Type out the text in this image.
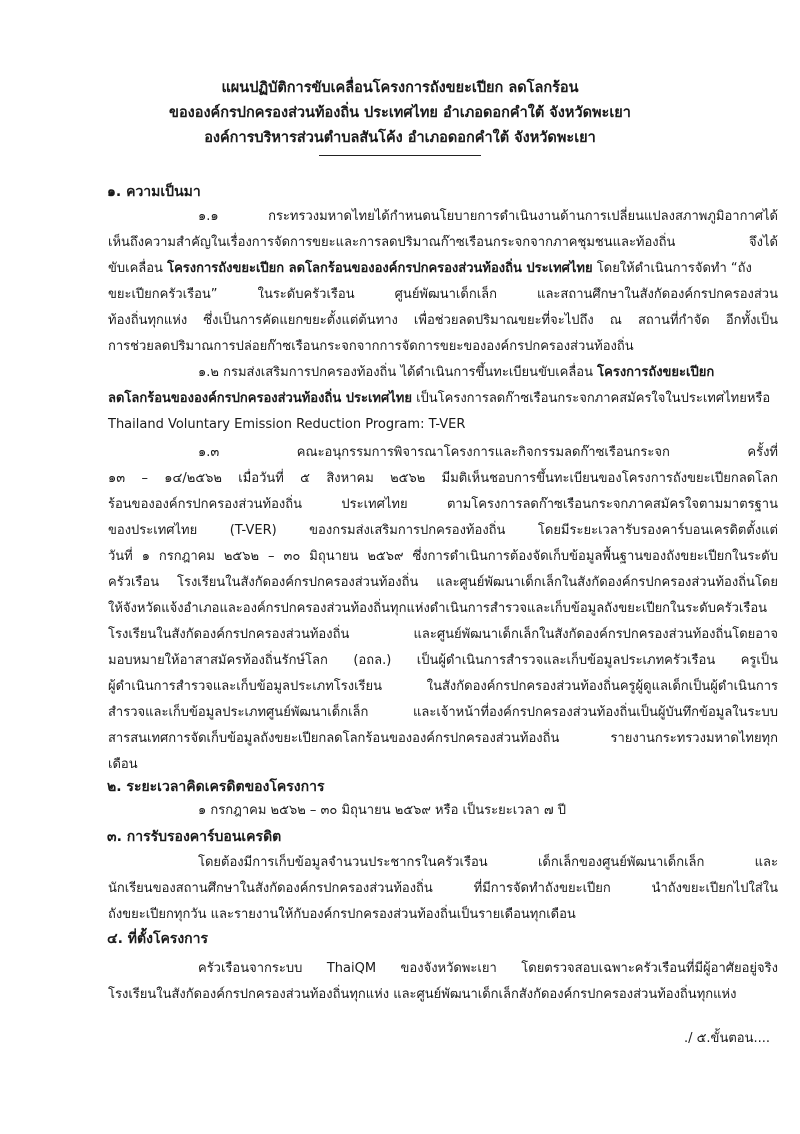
แผนปฏิบัติการขับเคลื่อนโครงการถังขยะเปียก ลดโลกร้อน
ขององค์กรปกครองส่วนท้องถิ่น ประเทศไทย อำเภอดอกคำใต้ จังหวัดพะเยา
องค์การบริหารส่วนตำบลสันโค้ง อำเภอดอกคำใต้ จังหวัดพะเยา
๑. ความเป็นมา
๑.๑ กระทรวงมหาดไทยได้กำหนดนโยบายการดำเนินงานด้านการเปลี่ยนแปลงสภาพภูมิอากาศได้
เห็นถึงความสำคัญในเรื่องการจัดการขยะและการลดปริมาณก๊าซเรือนกระจกจากภาคชุมชนและท้องถิ่น จึงได้
ขับเคลื่อน โครงการถังขยะเปียก ลดโลกร้อนขององค์กรปกครองส่วนท้องถิ่น ประเทศไทย โดยให้ดำเนินการจัดทำ “ถัง
ขยะเปียกครัวเรือน” ในระดับครัวเรือน ศูนย์พัฒนาเด็กเล็ก และสถานศึกษาในสังกัดองค์กรปกครองส่วน
ท้องถิ่นทุกแห่ง ซึ่งเป็นการคัดแยกขยะตั้งแต่ต้นทาง เพื่อช่วยลดปริมาณขยะที่จะไปถึง ณ สถานที่กำจัด อีกทั้งเป็น
การช่วยลดปริมาณการปล่อยก๊าซเรือนกระจกจากการจัดการขยะขององค์กรปกครองส่วนท้องถิ่น
๑.๒ กรมส่งเสริมการปกครองท้องถิ่น ได้ดำเนินการขึ้นทะเบียนขับเคลื่อน โครงการถังขยะเปียก
ลดโลกร้อนขององค์กรปกครองส่วนท้องถิ่น ประเทศไทย เป็นโครงการลดก๊าซเรือนกระจกภาคสมัครใจในประเทศไทยหรือ
Thailand Voluntary Emission Reduction Program: T-VER
๑.๓ คณะอนุกรรมการพิจารณาโครงการและกิจกรรมลดก๊าซเรือนกระจก ครั้งที่
๑๓ – ๑๔/๒๕๖๒ เมื่อวันที่ ๕ สิงหาคม ๒๕๖๒ มีมติเห็นชอบการขึ้นทะเบียนของโครงการถังขยะเปียกลดโลก
ร้อนขององค์กรปกครองส่วนท้องถิ่น ประเทศไทย ตามโครงการลดก๊าซเรือนกระจกภาคสมัครใจตามมาตรฐาน
ของประเทศไทย (T-VER) ของกรมส่งเสริมการปกครองท้องถิ่น โดยมีระยะเวลารับรองคาร์บอนเครดิตตั้งแต่
วันที่ ๑ กรกฎาคม ๒๕๖๒ – ๓๐ มิถุนายน ๒๕๖๙ ซึ่งการดำเนินการต้องจัดเก็บข้อมูลพื้นฐานของถังขยะเปียกในระดับ
ครัวเรือน โรงเรียนในสังกัดองค์กรปกครองส่วนท้องถิ่น และศูนย์พัฒนาเด็กเล็กในสังกัดองค์กรปกครองส่วนท้องถิ่นโดย
ให้จังหวัดแจ้งอำเภอและองค์กรปกครองส่วนท้องถิ่นทุกแห่งดำเนินการสำรวจและเก็บข้อมูลถังขยะเปียกในระดับครัวเรือน
โรงเรียนในสังกัดองค์กรปกครองส่วนท้องถิ่น และศูนย์พัฒนาเด็กเล็กในสังกัดองค์กรปกครองส่วนท้องถิ่นโดยอาจ
มอบหมายให้อาสาสมัครท้องถิ่นรักษ์โลก (อถล.) เป็นผู้ดำเนินการสำรวจและเก็บข้อมูลประเภทครัวเรือน ครูเป็น
ผู้ดำเนินการสำรวจและเก็บข้อมูลประเภทโรงเรียน ในสังกัดองค์กรปกครองส่วนท้องถิ่นครูผู้ดูแลเด็กเป็นผู้ดำเนินการ
สำรวจและเก็บข้อมูลประเภทศูนย์พัฒนาเด็กเล็ก และเจ้าหน้าที่องค์กรปกครองส่วนท้องถิ่นเป็นผู้บันทึกข้อมูลในระบบ
สารสนเทศการจัดเก็บข้อมูลถังขยะเปียกลดโลกร้อนขององค์กรปกครองส่วนท้องถิ่น รายงานกระทรวงมหาดไทยทุก
เดือน
๒. ระยะเวลาคิดเครดิตของโครงการ
๑ กรกฎาคม ๒๕๖๒ – ๓๐ มิถุนายน ๒๕๖๙ หรือ เป็นระยะเวลา ๗ ปี
๓. การรับรองคาร์บอนเครดิต
โดยต้องมีการเก็บข้อมูลจำนวนประชากรในครัวเรือน เด็กเล็กของศูนย์พัฒนาเด็กเล็ก และ
นักเรียนของสถานศึกษาในสังกัดองค์กรปกครองส่วนท้องถิ่น ที่มีการจัดทำถังขยะเปียก นำถังขยะเปียกไปใส่ใน
ถังขยะเปียกทุกวัน และรายงานให้กับองค์กรปกครองส่วนท้องถิ่นเป็นรายเดือนทุกเดือน
๔. ที่ตั้งโครงการ
ครัวเรือนจากระบบ ThaiQM ของจังหวัดพะเยา โดยตรวจสอบเฉพาะครัวเรือนที่มีผู้อาศัยอยู่จริง
โรงเรียนในสังกัดองค์กรปกครองส่วนท้องถิ่นทุกแห่ง และศูนย์พัฒนาเด็กเล็กสังกัดองค์กรปกครองส่วนท้องถิ่นทุกแห่ง
./ ๕.ขั้นตอน....
